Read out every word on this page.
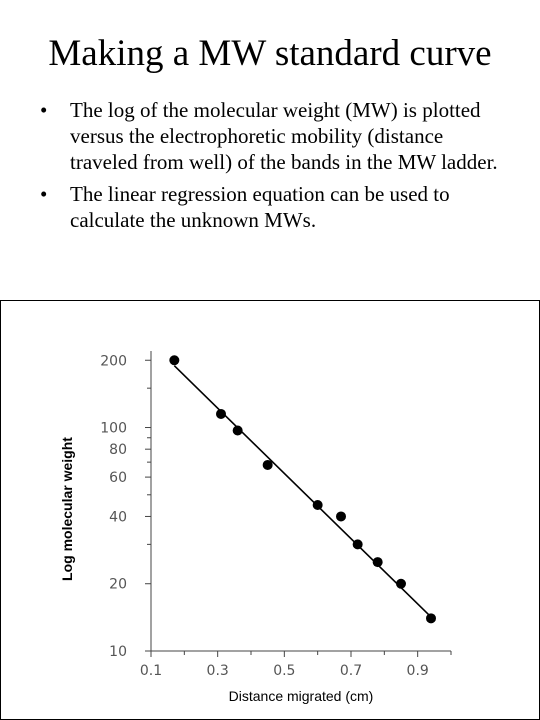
Making a MW standard curve
• The log of the molecular weight (MW) is plotted versus the electrophoretic mobility (distance traveled from well) of the bands in the MW ladder.
• The linear regression equation can be used to calculate the unknown MWs.
0.1	0.3	0.5	0.7	0.9
200
100
80
60
40
20
10
Distance migrated (cm)
Log molecular weight
